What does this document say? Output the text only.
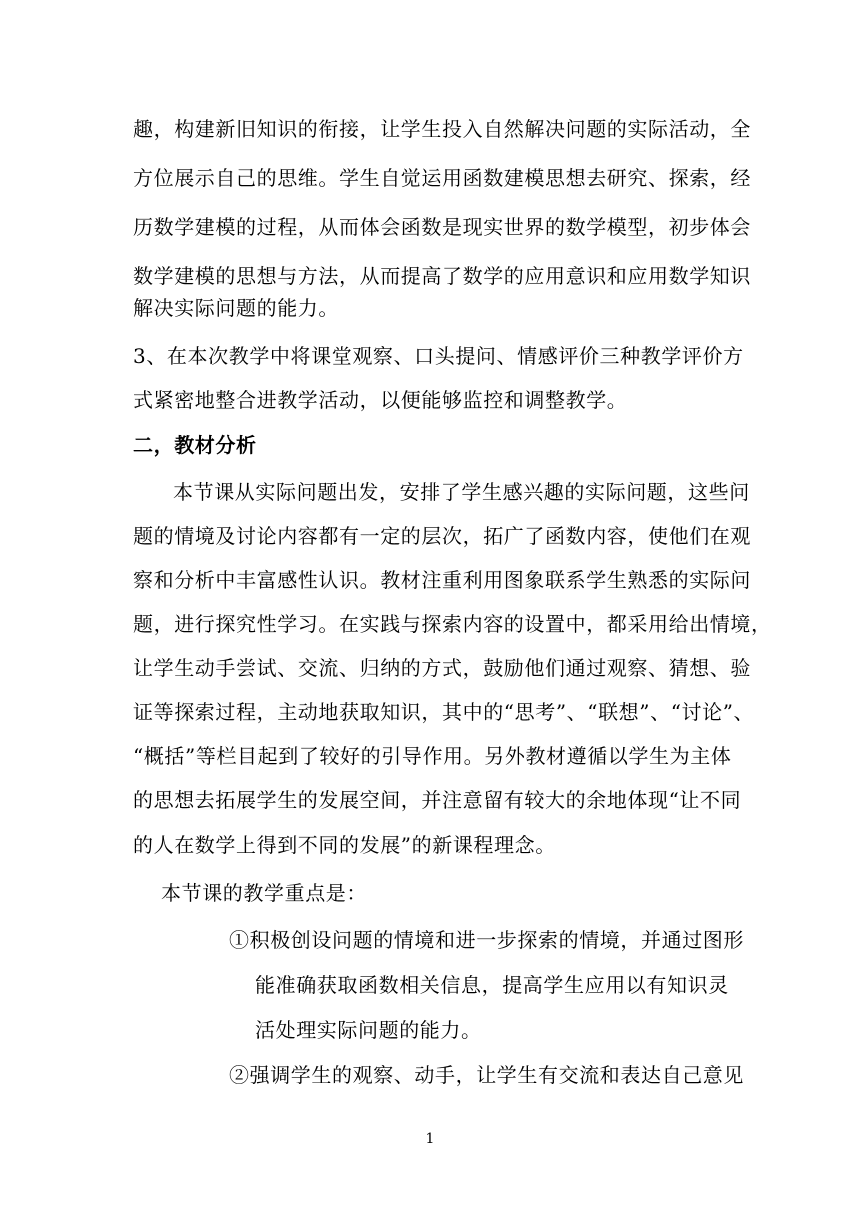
趣，构建新旧知识的衔接，让学生投入自然解决问题的实际活动，全
方位展示自己的思维。学生自觉运用函数建模思想去研究、探索，经
历数学建模的过程，从而体会函数是现实世界的数学模型，初步体会
数学建模的思想与方法，从而提高了数学的应用意识和应用数学知识
解决实际问题的能力。
3、在本次教学中将课堂观察、口头提问、情感评价三种教学评价方
式紧密地整合进教学活动，以便能够监控和调整教学。
二，教材分析
本节课从实际问题出发，安排了学生感兴趣的实际问题，这些问
题的情境及讨论内容都有一定的层次，拓广了函数内容，使他们在观
察和分析中丰富感性认识。教材注重利用图象联系学生熟悉的实际问
题，进行探究性学习。在实践与探索内容的设置中，都采用给出情境，
让学生动手尝试、交流、归纳的方式，鼓励他们通过观察、猜想、验
证等探索过程，主动地获取知识，其中的“思考”、“联想”、“讨论”、
“概括”等栏目起到了较好的引导作用。另外教材遵循以学生为主体
的思想去拓展学生的发展空间，并注意留有较大的余地体现“让不同
的人在数学上得到不同的发展”的新课程理念。
本节课的教学重点是：
①积极创设问题的情境和进一步探索的情境，并通过图形
能准确获取函数相关信息，提高学生应用以有知识灵
活处理实际问题的能力。
②强调学生的观察、动手，让学生有交流和表达自己意见
1
